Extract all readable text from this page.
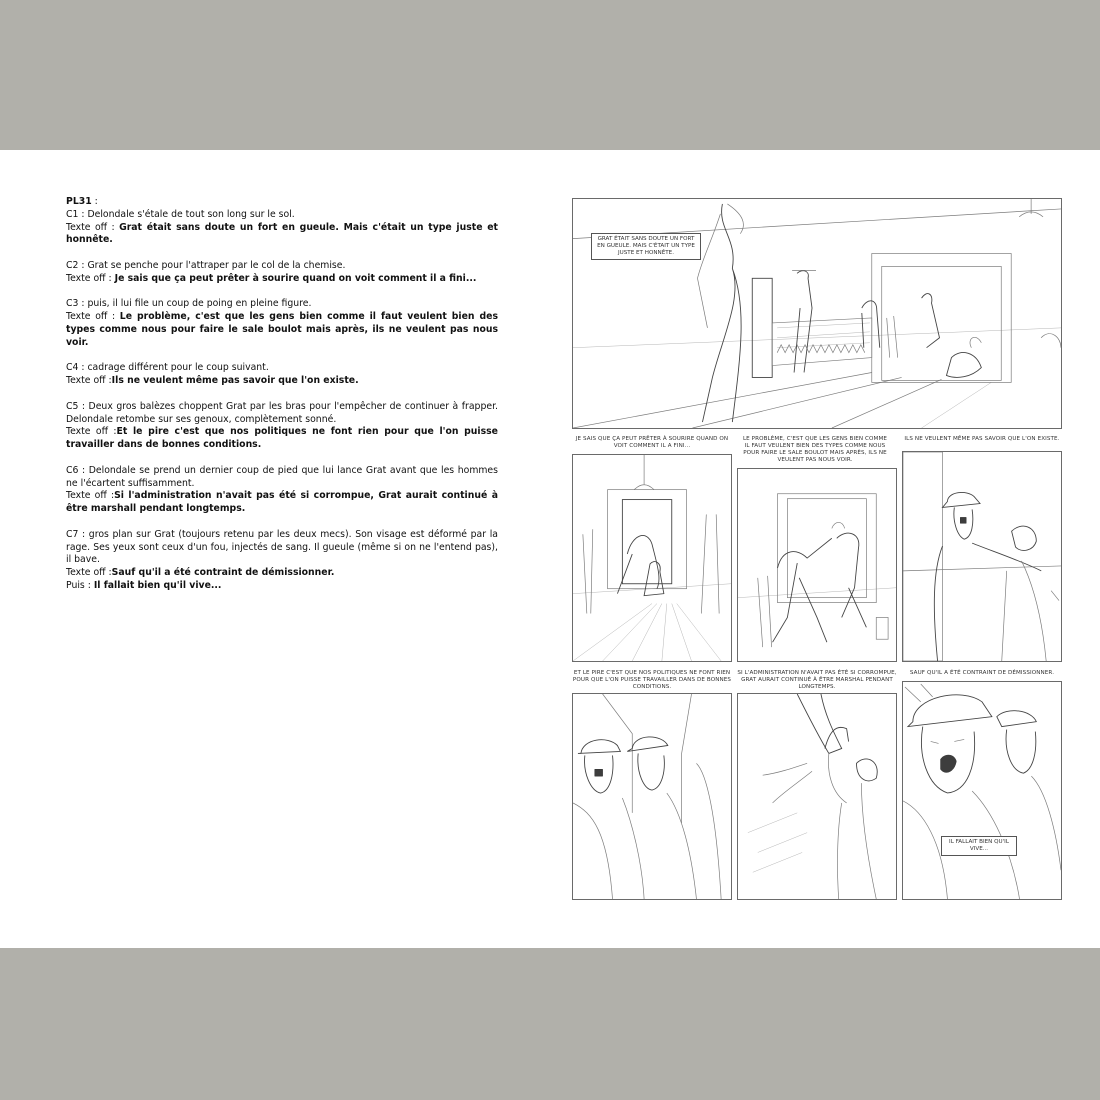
PL31 :
C1 : Delondale s'étale de tout son long sur le sol.
Texte off : Grat était sans doute un fort en gueule. Mais c'était un type juste et honnête.

C2 : Grat se penche pour l'attraper par le col de la chemise.
Texte off : Je sais que ça peut prêter à sourire quand on voit comment il a fini...

C3 : puis, il lui file un coup de poing en pleine figure.
Texte off : Le problème, c'est que les gens bien comme il faut veulent bien des types comme nous pour faire le sale boulot mais après, ils ne veulent pas nous voir.

C4 : cadrage différent pour le coup suivant.
Texte off :Ils ne veulent même pas savoir que l'on existe.

C5 : Deux gros balèzes choppent Grat par les bras pour l'empêcher de continuer à frapper. Delondale retombe sur ses genoux, complètement sonné.
Texte off :Et le pire c'est que nos politiques ne font rien pour que l'on puisse travailler dans de bonnes conditions.

C6 : Delondale se prend un dernier coup de pied que lui lance Grat avant que les hommes ne l'écartent suffisamment.
Texte off :Si l'administration n'avait pas été si corrompue, Grat aurait continué à être marshall pendant longtemps.

C7 : gros plan sur Grat (toujours retenu par les deux mecs). Son visage est déformé par la rage. Ses yeux sont ceux d'un fou, injectés de sang. Il gueule (même si on ne l'entend pas), il bave.
Texte off :Sauf qu'il a été contraint de démissionner.
Puis : Il fallait bien qu'il vive...

GRAT ÉTAIT SANS DOUTE UN FORT EN GUEULE. MAIS C'ÉTAIT UN TYPE JUSTE ET HONNÊTE.
JE SAIS QUE ÇA PEUT PRÊTER À SOURIRE QUAND ON VOIT COMMENT IL A FINI...
LE PROBLÈME, C'EST QUE LES GENS BIEN COMME IL FAUT VEULENT BIEN DES TYPES COMME NOUS POUR FAIRE LE SALE BOULOT MAIS APRÈS, ILS NE VEULENT PAS NOUS VOIR.
ILS NE VEULENT MÊME PAS SAVOIR QUE L'ON EXISTE.
ET LE PIRE C'EST QUE NOS POLITIQUES NE FONT RIEN POUR QUE L'ON PUISSE TRAVAILLER DANS DE BONNES CONDITIONS.
SI L'ADMINISTRATION N'AVAIT PAS ÉTÉ SI CORROMPUE, GRAT AURAIT CONTINUÉ À ÊTRE MARSHAL PENDANT LONGTEMPS.
SAUF QU'IL A ÉTÉ CONTRAINT DE DÉMISSIONNER.
IL FALLAIT BIEN QU'IL VIVE...
